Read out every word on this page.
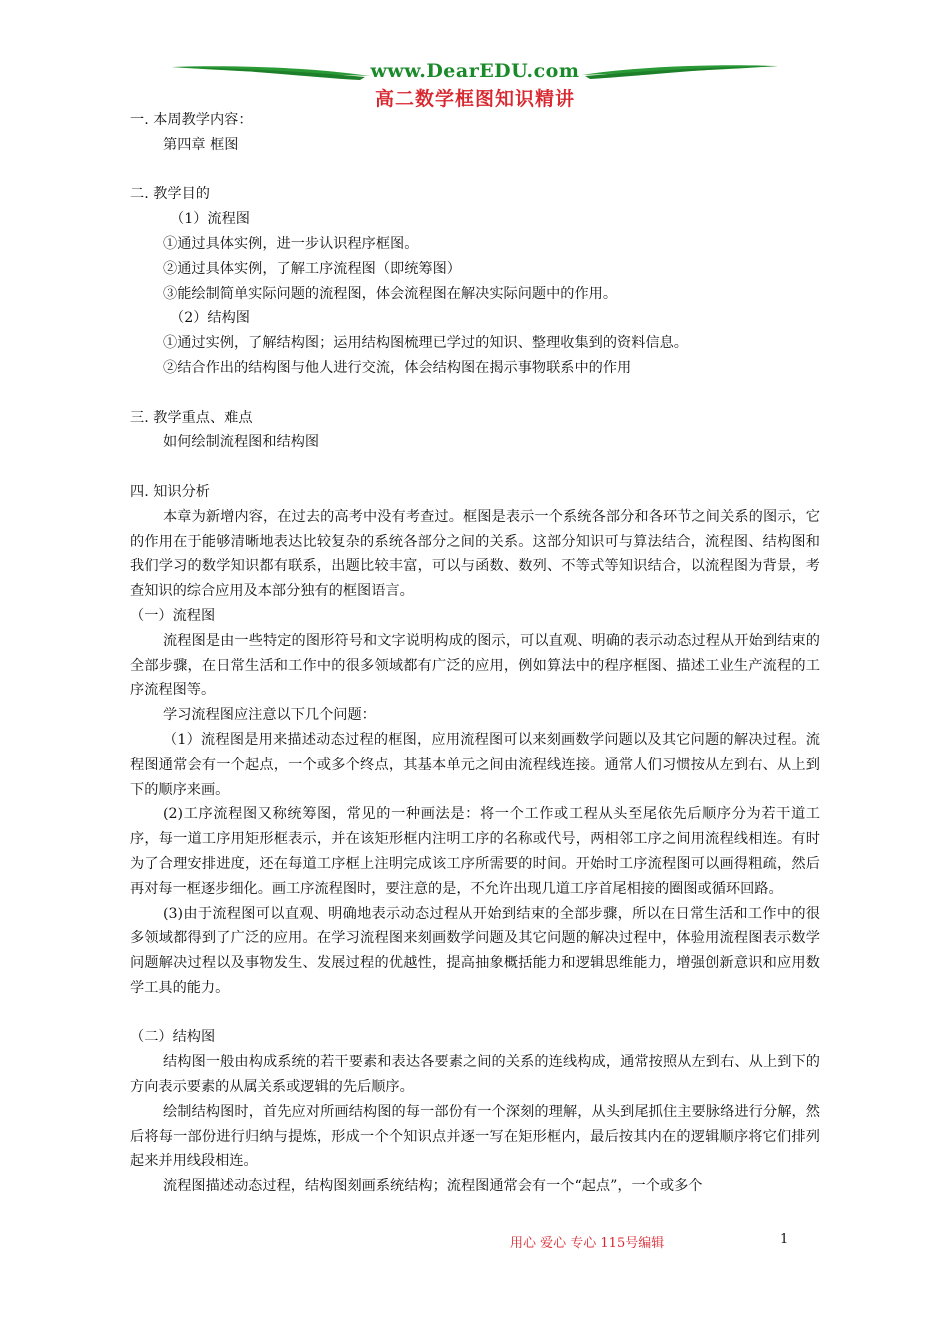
www.DearEDU.com
高二数学框图知识精讲

一. 本周教学内容：

第四章 框图

二. 教学目的

（1）流程图

①通过具体实例，进一步认识程序框图。

②通过具体实例，了解工序流程图（即统筹图）

③能绘制简单实际问题的流程图，体会流程图在解决实际问题中的作用。

（2）结构图

①通过实例，了解结构图；运用结构图梳理已学过的知识、整理收集到的资料信息。

②结合作出的结构图与他人进行交流，体会结构图在揭示事物联系中的作用

三. 教学重点、难点

如何绘制流程图和结构图

四. 知识分析

本章为新增内容，在过去的高考中没有考查过。框图是表示一个系统各部分和各环节之间关系的图示，它的作用在于能够清晰地表达比较复杂的系统各部分之间的关系。这部分知识可与算法结合，流程图、结构图和我们学习的数学知识都有联系，出题比较丰富，可以与函数、数列、不等式等知识结合，以流程图为背景，考查知识的综合应用及本部分独有的框图语言。

（一）流程图

流程图是由一些特定的图形符号和文字说明构成的图示，可以直观、明确的表示动态过程从开始到结束的全部步骤，在日常生活和工作中的很多领域都有广泛的应用，例如算法中的程序框图、描述工业生产流程的工序流程图等。

学习流程图应注意以下几个问题：

（1）流程图是用来描述动态过程的框图，应用流程图可以来刻画数学问题以及其它问题的解决过程。流程图通常会有一个起点，一个或多个终点，其基本单元之间由流程线连接。通常人们习惯按从左到右、从上到下的顺序来画。

(2)工序流程图又称统筹图，常见的一种画法是：将一个工作或工程从头至尾依先后顺序分为若干道工序，每一道工序用矩形框表示，并在该矩形框内注明工序的名称或代号，两相邻工序之间用流程线相连。有时为了合理安排进度，还在每道工序框上注明完成该工序所需要的时间。开始时工序流程图可以画得粗疏，然后再对每一框逐步细化。画工序流程图时，要注意的是，不允许出现几道工序首尾相接的圈图或循环回路。

(3)由于流程图可以直观、明确地表示动态过程从开始到结束的全部步骤，所以在日常生活和工作中的很多领域都得到了广泛的应用。在学习流程图来刻画数学问题及其它问题的解决过程中，体验用流程图表示数学问题解决过程以及事物发生、发展过程的优越性，提高抽象概括能力和逻辑思维能力，增强创新意识和应用数学工具的能力。

（二）结构图

结构图一般由构成系统的若干要素和表达各要素之间的关系的连线构成，通常按照从左到右、从上到下的方向表示要素的从属关系或逻辑的先后顺序。

绘制结构图时，首先应对所画结构图的每一部份有一个深刻的理解，从头到尾抓住主要脉络进行分解，然后将每一部份进行归纳与提炼，形成一个个知识点并逐一写在矩形框内，最后按其内在的逻辑顺序将它们排列起来并用线段相连。

流程图描述动态过程，结构图刻画系统结构；流程图通常会有一个“起点”，一个或多个

用心 爱心 专心 115号编辑	1
